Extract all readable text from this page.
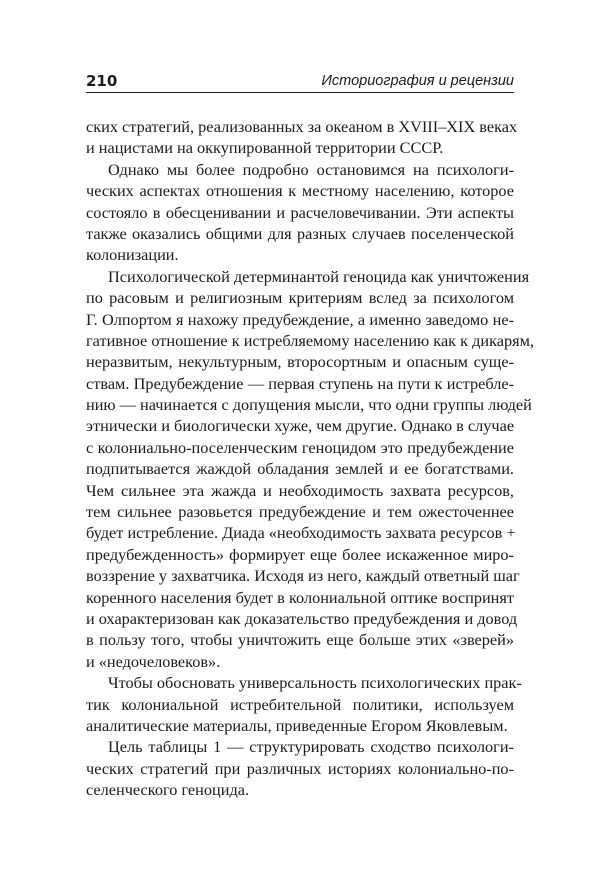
210	Историография и рецензии
ских стратегий, реализованных за океаном в XVIII–XIX веках
и нацистами на оккупированной территории СССР.
Однако мы более подробно остановимся на психологи-
ческих аспектах отношения к местному населению, которое
состояло в обесценивании и расчеловечивании. Эти аспекты
также оказались общими для разных случаев поселенческой
колонизации.
Психологической детерминантой геноцида как уничтожения
по расовым и религиозным критериям вслед за психологом
Г. Олпортом я нахожу предубеждение, а именно заведомо не-
гативное отношение к истребляемому населению как к дикарям,
неразвитым, некультурным, второсортным и опасным суще-
ствам. Предубеждение — первая ступень на пути к истребле-
нию — начинается с допущения мысли, что одни группы людей
этнически и биологически хуже, чем другие. Однако в случае
с колониально-поселенческим геноцидом это предубеждение
подпитывается жаждой обладания землей и ее богатствами.
Чем сильнее эта жажда и необходимость захвата ресурсов,
тем сильнее разовьется предубеждение и тем ожесточеннее
будет истребление. Диада «необходимость захвата ресурсов +
предубежденность» формирует еще более искаженное миро-
воззрение у захватчика. Исходя из него, каждый ответный шаг
коренного населения будет в колониальной оптике воспринят
и охарактеризован как доказательство предубеждения и довод
в пользу того, чтобы уничтожить еще больше этих «зверей»
и «недочеловеков».
Чтобы обосновать универсальность психологических прак-
тик колониальной истребительной политики, используем
аналитические материалы, приведенные Егором Яковлевым.
Цель таблицы 1 — структурировать сходство психологи-
ческих стратегий при различных историях колониально-по-
селенческого геноцида.
